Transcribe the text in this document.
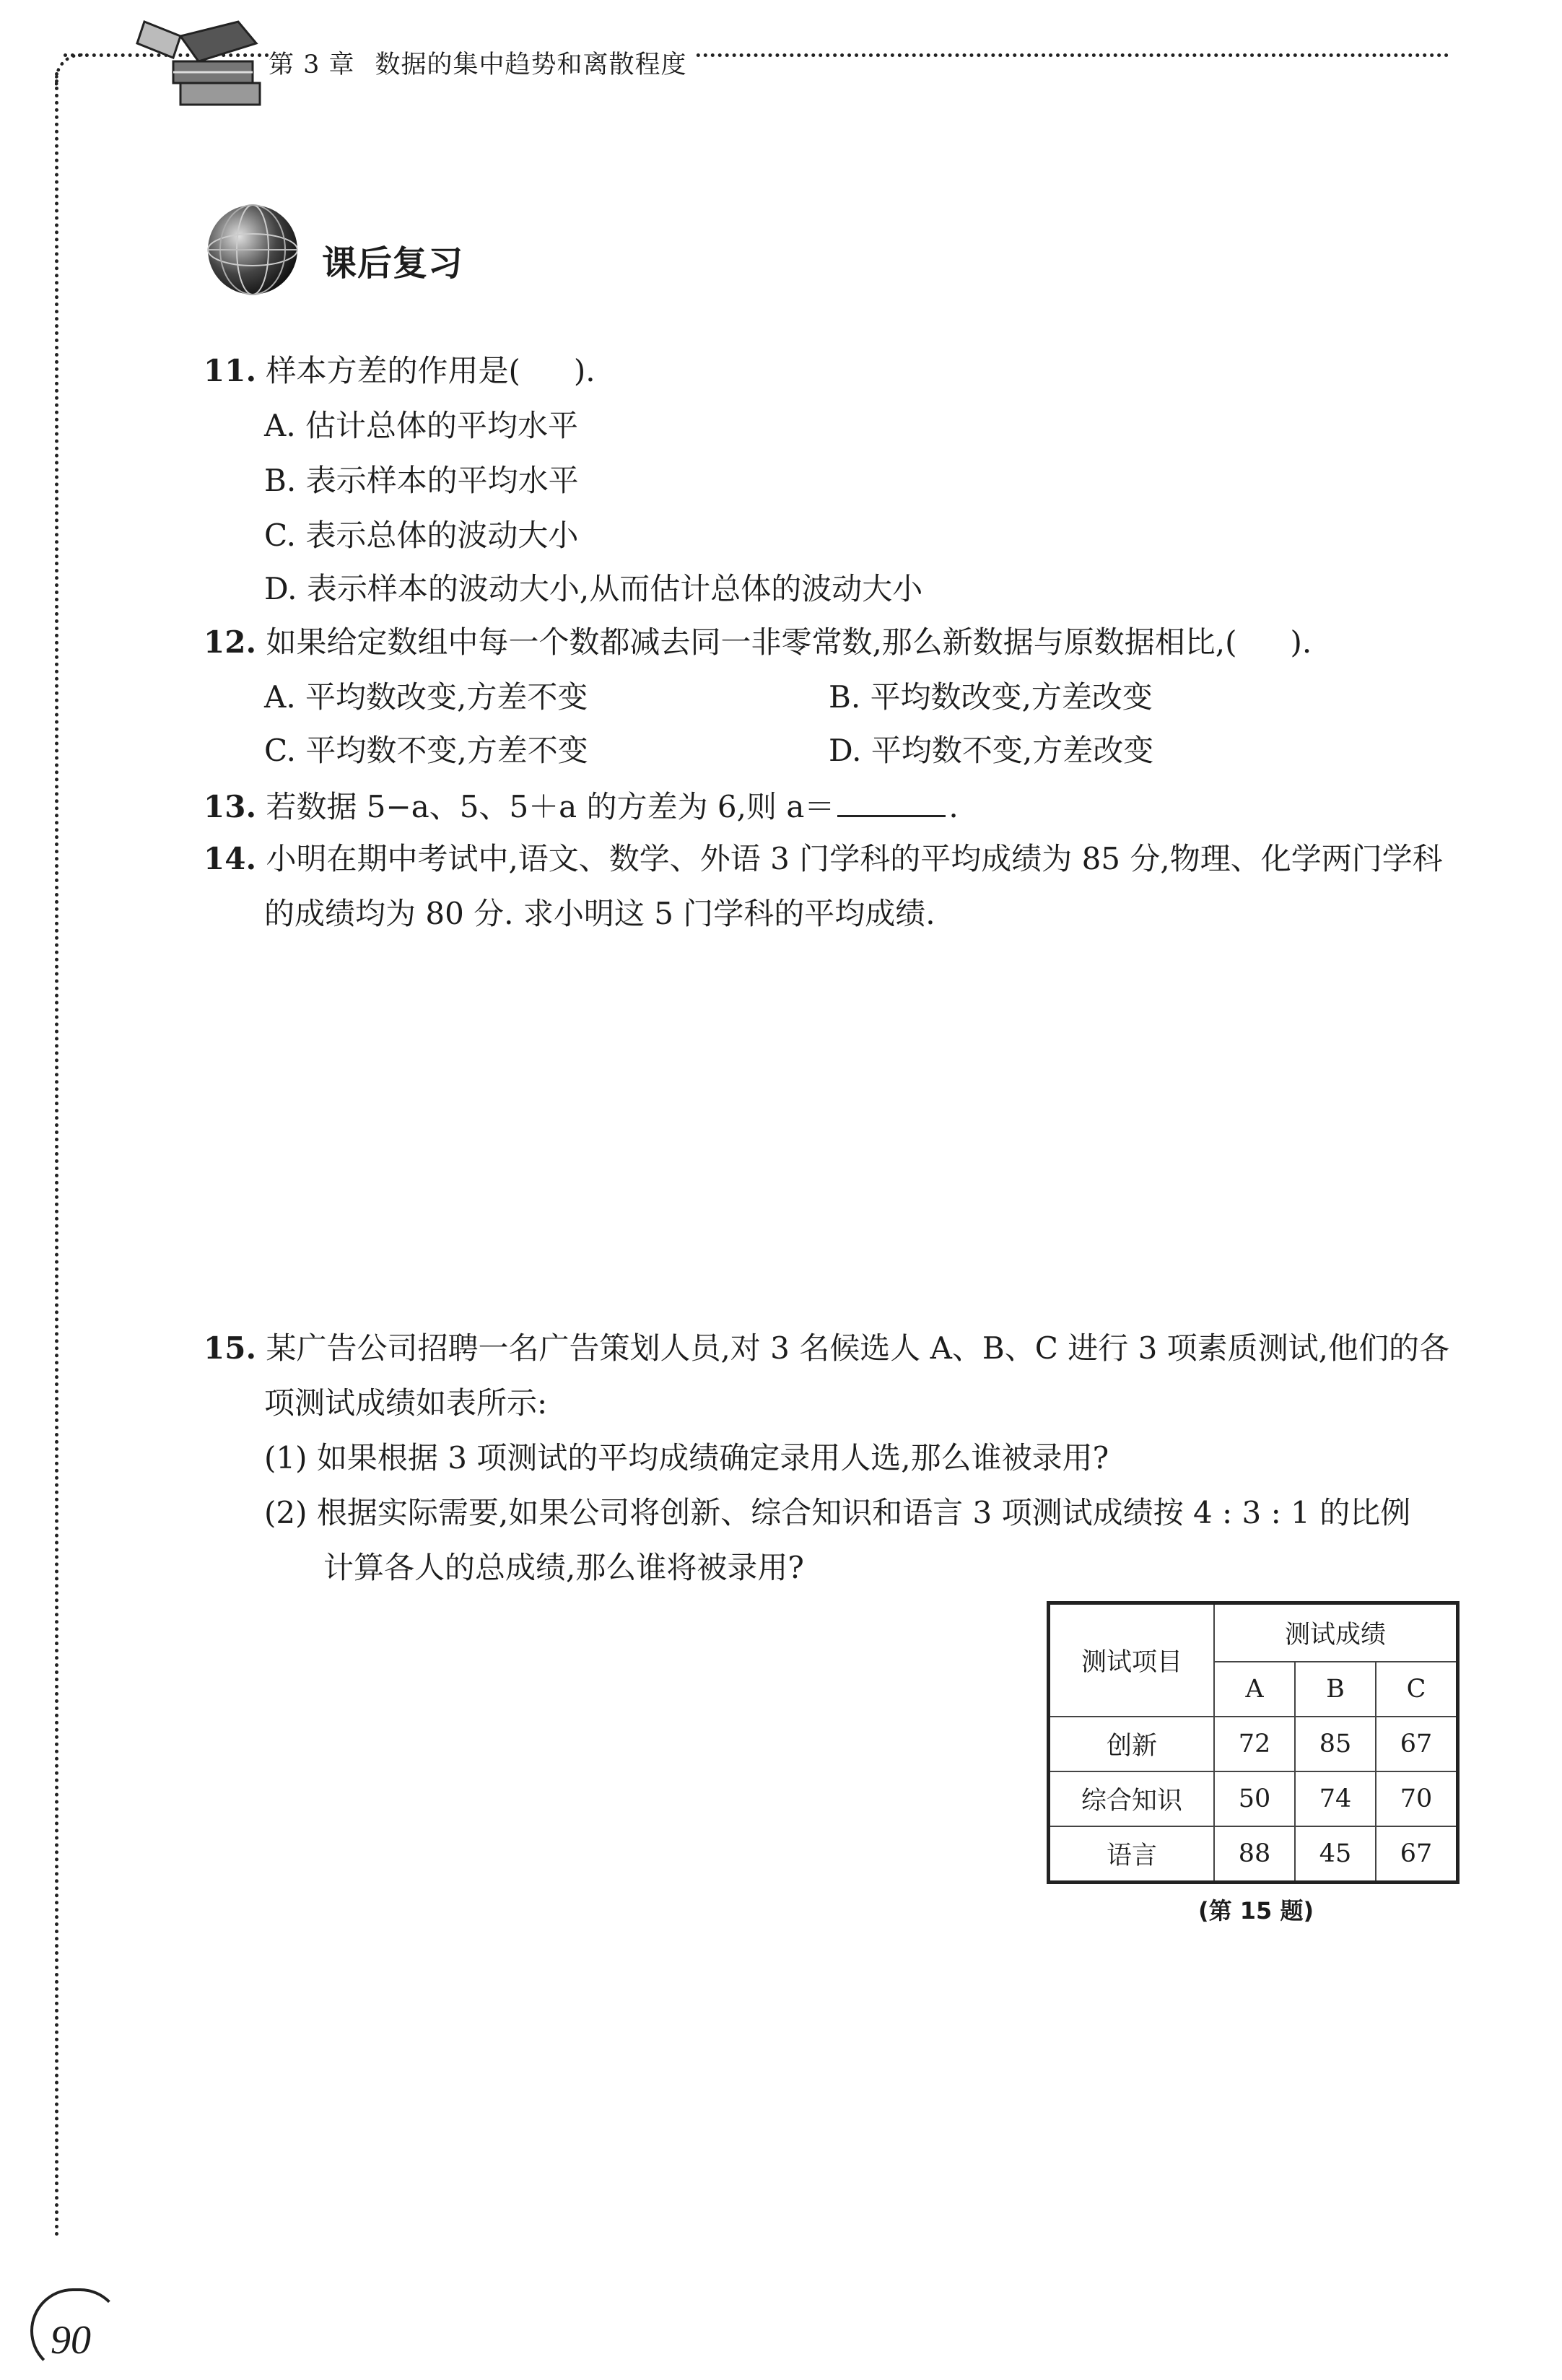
第 3 章 数据的集中趋势和离散程度
课后复习
11. 样本方差的作用是( ).
A. 估计总体的平均水平
B. 表示样本的平均水平
C. 表示总体的波动大小
D. 表示样本的波动大小,从而估计总体的波动大小
12. 如果给定数组中每一个数都减去同一非零常数,那么新数据与原数据相比,( ).
A. 平均数改变,方差不变	B. 平均数改变,方差改变
C. 平均数不变,方差不变	D. 平均数不变,方差改变
13. 若数据 5−a、5、5＋a 的方差为 6,则 a＝	.
14. 小明在期中考试中,语文、数学、外语 3 门学科的平均成绩为 85 分,物理、化学两门学科
的成绩均为 80 分. 求小明这 5 门学科的平均成绩.
15. 某广告公司招聘一名广告策划人员,对 3 名候选人 A、B、C 进行 3 项素质测试,他们的各
项测试成绩如表所示:
(1) 如果根据 3 项测试的平均成绩确定录用人选,那么谁被录用?
(2) 根据实际需要,如果公司将创新、综合知识和语言 3 项测试成绩按 4 : 3 : 1 的比例
计算各人的总成绩,那么谁将被录用?
测试项目	测试成绩		
	A	B	C
创新	72	85	67
综合知识	50	74	70
语言	88	45	67
(第 15 题)
90
